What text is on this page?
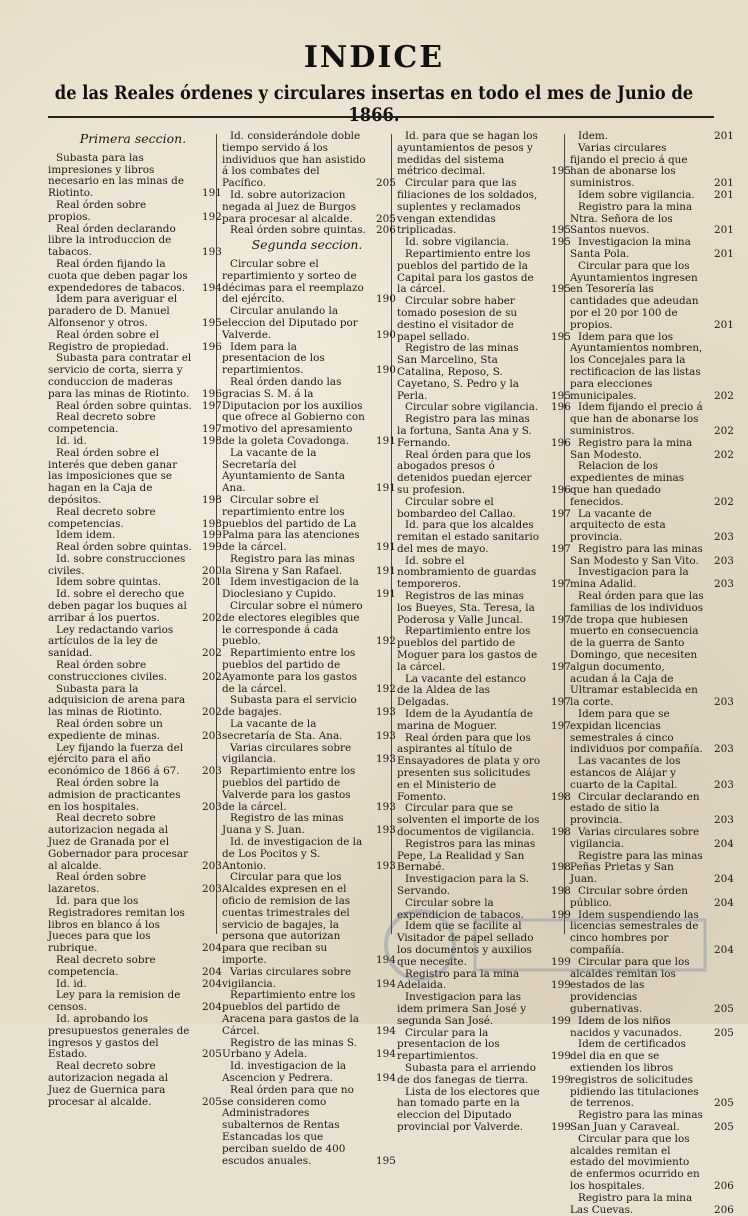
INDICE
de las Reales órdenes y circulares insertas en todo el mes de Junio de 1866.
Primera seccion.
Subasta para las impresiones y libros necesario en las minas de Riotinto.	191
Real órden sobre propios.	192
Real órden declarando libre la introduccion de tabacos.	193
Real órden fijando la cuota que deben pagar los expendedores de tabacos.	194
Idem para averiguar el paradero de D. Manuel Alfonsenor y otros.	195
Real órden sobre el Registro de propiedad.	196
Subasta para contratar el servicio de corta, sierra y conduccion de maderas para las minas de Riotinto.	196
Real órden sobre quintas. 197
Real decreto sobre competencia.	197
Id. id.	198
Real órden sobre el interés que deben ganar las imposiciones que se hagan en la Caja de depósitos.	198
Real decreto sobre competencias.	198
Idem idem.	199
Real órden sobre quintas. 199
Id. sobre construcciones civiles.	200
Idem sobre quintas.	201
Id. sobre el derecho que deben pagar los buques al arribar á los puertos.	202
Ley redactando varios artículos de la ley de sanidad.	202
Real órden sobre construcciones civiles.	202
Subasta para la adquisicion de arena para las minas de Riotinto.	202
Real órden sobre un expediente de minas.	203
Ley fijando la fuerza del ejército para el año económico de 1866 á 67.	203
Real órden sobre la admision de practicantes en los hospitales.	203
Real decreto sobre autorizacion negada al Juez de Granada por el Gobernador para procesar al alcalde.	203
Real órden sobre lazaretos.	203
Id. para que los Registradores remitan los libros en blanco á los Jueces para que los rubrique.	204
Real decreto sobre competencia.	204
Id. id.	204
Ley para la remision de censos.	204
Id. aprobando los presupuestos generales de ingresos y gastos del Estado.	205
Real decreto sobre autorizacion negada al Juez de Guernica para procesar al alcalde.	205
Id. considerándole doble tiempo servido á los individuos que han asistido á los combates del Pacífico.	205
Id. sobre autorizacion negada al Juez de Burgos para procesar al alcalde.	205
Real órden sobre quintas. 206
Segunda seccion.
Circular sobre el repartimiento y sorteo de décimas para el reemplazo del ejército.	190
Circular anulando la eleccion del Diputado por Valverde.	190
Idem para la presentacion de los repartimientos.	190
Real órden dando las gracias S. M. á la Diputacion por los auxilios que ofrece al Gobierno con motivo del apresamiento de la goleta Covadonga.	191
La vacante de la Secretaría del Ayuntamiento de Santa Ana.	191
Circular sobre el repartimiento entre los pueblos del partido de La Palma para las atenciones de la cárcel.	191
Registro para las minas la Sirena y San Rafael.	191
Idem investigacion de la Dioclesiano y Cupido.	191
Circular sobre el número de electores elegibles que le corresponde á cada pueblo.	192
Repartimiento entre los pueblos del partido de Ayamonte para los gastos de la cárcel.	192
Subasta para el servicio de bagajes.	193
La vacante de la secretaría de Sta. Ana.	193
Varias circulares sobre vigilancia.	193
Repartimiento entre los pueblos del partido de Valverde para los gastos de la cárcel.	193
Registro de las minas Juana y S. Juan.	193
Id. de investigacion de la de Los Pocitos y S. Antonio.	193
Circular para que los Alcaldes expresen en el oficio de remision de las cuentas trimestrales del servicio de bagajes, la persona que autorizan para que reciban su importe.	194
Varias circulares sobre vigilancia.	194
Repartimiento entre los pueblos del partido de Aracena para gastos de la Cárcel.	194
Registro de las minas S. Urbano y Adela.	194
Id. investigacion de la Ascencion y Pedrera.	194
Real órden para que no se consideren como Administradores subalternos de Rentas Estancadas los que perciban sueldo de 400 escudos anuales.	195
Id. para que se hagan los ayuntamientos de pesos y medidas del sistema métrico decimal.	195
Circular para que las filiaciones de los soldados, suplentes y reclamados vengan extendidas triplicadas.	195
Id. sobre vigilancia.	195
Repartimiento entre los pueblos del partido de la Capital para los gastos de la cárcel.	195
Circular sobre haber tomado posesion de su destino el visitador de papel sellado.	195
Registro de las minas San Marcelino, Sta Catalina, Reposo, S. Cayetano, S. Pedro y la Perla.	195
Circular sobre vigilancia.	196
Registro para las minas la fortuna, Santa Ana y S. Fernando.	196
Real órden para que los abogados presos ó detenidos puedan ejercer su profesion.	196
Circular sobre el bombardeo del Callao.	197
Id. para que los alcaldes remitan el estado sanitario del mes de mayo.	197
Id. sobre el nombramiento de guardas temporeros.	197
Registros de las minas los Bueyes, Sta. Teresa, la Poderosa y Valle Juncal.	197
Repartimiento entre los pueblos del partido de Moguer para los gastos de la cárcel.	197
La vacante del estanco de la Aldea de las Delgadas.	197
Idem de la Ayudantía de marina de Moguer.	197
Real órden para que los aspirantes al título de Ensayadores de plata y oro presenten sus solicitudes en el Ministerio de Fomento.	198
Circular para que se solventen el importe de los documentos de vigilancia.	198
Registros para las minas Pepe, La Realidad y San Bernabé.	198
Investigacion para la S. Servando.	198
Circular sobre la expendicion de tabacos.	199
Idem que se facilite al Visitador de papel sellado los documentos y auxilios que necesite.	199
Registro para la mina Adelaida.	199
Investigacion para las idem primera San José y segunda San José.	199
Circular para la presentacion de los repartimientos.	199
Subasta para el arriendo de dos fanegas de tierra.	199
Lista de los electores que han tomado parte en la eleccion del Diputado provincial por Valverde.	199
Idem.	201
Varias circulares fijando el precio á que han de abonarse los suministros.	201
Idem sobre vigilancia.	201
Registro para la mina Ntra. Señora de los Santos nuevos.	201
Investigacion la mina Santa Pola.	201
Circular para que los Ayuntamientos ingresen en Tesorería las cantidades que adeudan por el 20 por 100 de propios.	201
Idem para que los Ayuntamientos nombren, los Concejales para la rectificacion de las listas para elecciones municipales.	202
Idem fijando el precio á que han de abonarse los suministros.	202
Registro para la mina San Modesto.	202
Relacion de los expedientes de minas que han quedado fenecidos.	202
La vacante de arquitecto de esta provincia.	203
Registro para las minas San Modesto y San Vito.	203
Investigacion para la mina Adalid.	203
Real órden para que las familias de los individuos de tropa que hubiesen muerto en consecuencia de la guerra de Santo Domingo, que necesiten algun documento, acudan á la Caja de Ultramar establecida en la corte.	203
Idem para que se expidan licencias semestrales á cinco individuos por compañía.	203
Las vacantes de los estancos de Alájar y cuarto de la Capital.	203
Circular declarando en estado de sitio la provincia.	203
Varias circulares sobre vigilancia.	204
Registre para las minas Peñas Prietas y San Juan.	204
Circular sobre órden público.	204
Idem suspendiendo las licencias semestrales de cinco hombres por compañía.	204
Circular para que los alcaldes remitan los estados de las providencias gubernativas.	205
Idem de los niños nacidos y vacunados.	205
Idem de certificados del dia en que se extienden los libros registros de solicitudes pidiendo las titulaciones de terrenos.	205
Registro para las minas San Juan y Caraveal.	205
Circular para que los alcaldes remitan el estado del movimiento de enfermos ocurrido en los hospitales.	206
Registro para la mina Las Cuevas.	206
